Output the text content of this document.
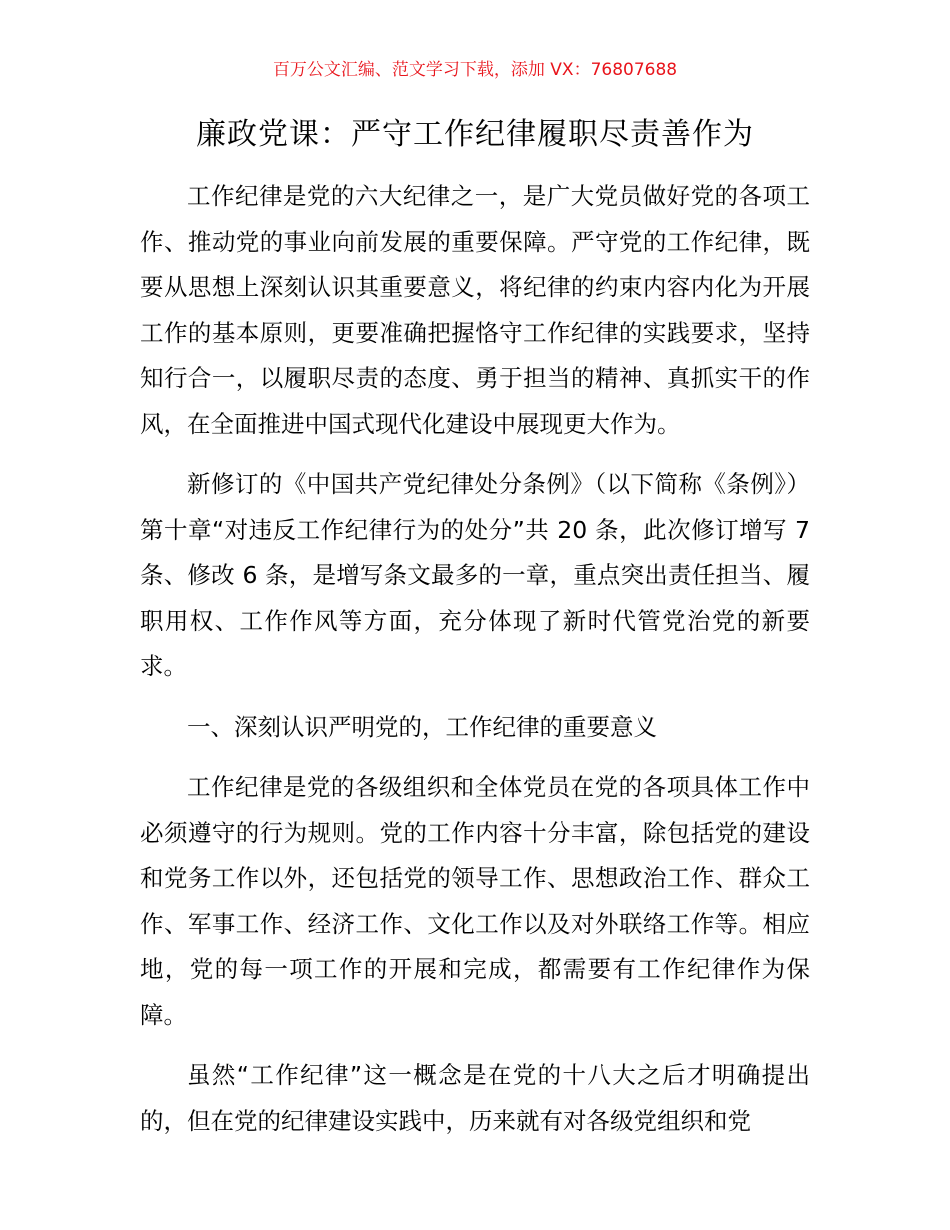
百万公文汇编、范文学习下载，添加 VX：76807688
廉政党课：严守工作纪律履职尽责善作为

工作纪律是党的六大纪律之一，是广大党员做好党的各项工作、推动党的事业向前发展的重要保障。严守党的工作纪律，既要从思想上深刻认识其重要意义，将纪律的约束内容内化为开展工作的基本原则，更要准确把握恪守工作纪律的实践要求，坚持知行合一，以履职尽责的态度、勇于担当的精神、真抓实干的作风，在全面推进中国式现代化建设中展现更大作为。

新修订的《中国共产党纪律处分条例》（以下简称《条例》）第十章“对违反工作纪律行为的处分”共 20 条，此次修订增写 7 条、修改 6 条，是增写条文最多的一章，重点突出责任担当、履职用权、工作作风等方面，充分体现了新时代管党治党的新要求。

一、深刻认识严明党的，工作纪律的重要意义

工作纪律是党的各级组织和全体党员在党的各项具体工作中必须遵守的行为规则。党的工作内容十分丰富，除包括党的建设和党务工作以外，还包括党的领导工作、思想政治工作、群众工作、军事工作、经济工作、文化工作以及对外联络工作等。相应地，党的每一项工作的开展和完成，都需要有工作纪律作为保障。

虽然“工作纪律”这一概念是在党的十八大之后才明确提出的，但在党的纪律建设实践中，历来就有对各级党组织和党
